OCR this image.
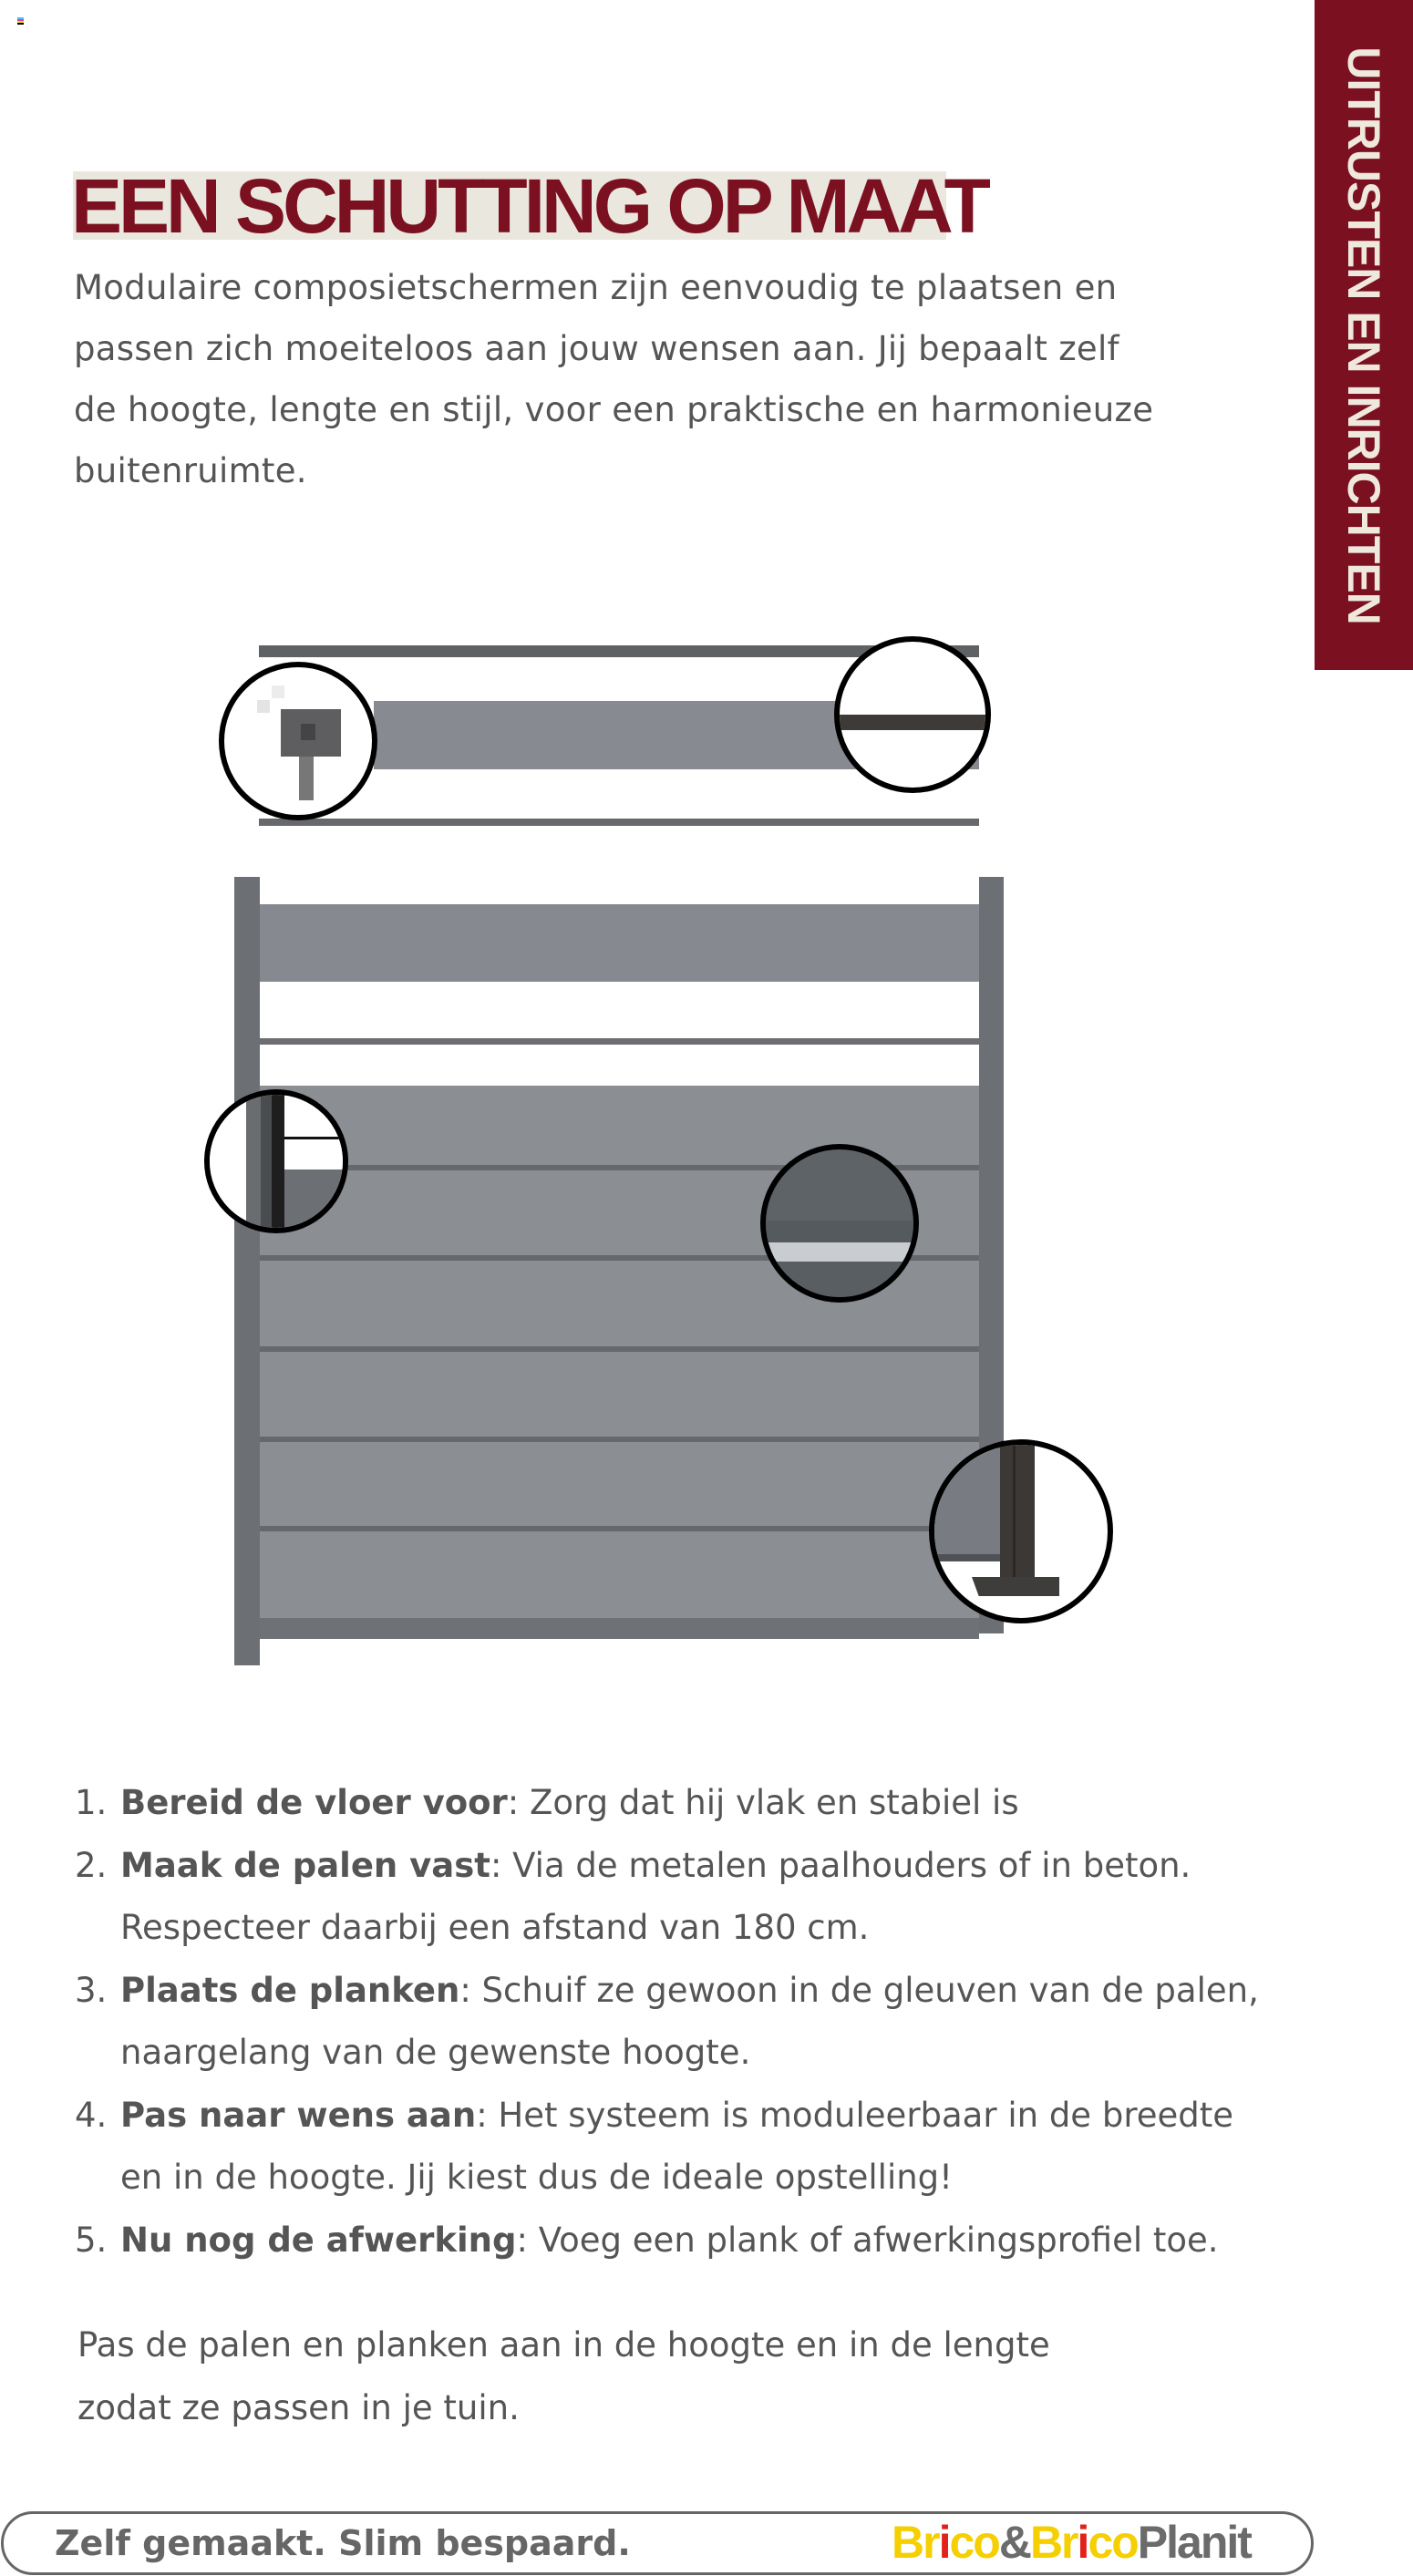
UITRUSTEN EN INRICHTEN
EEN SCHUTTING OP MAAT

Modulaire composietschermen zijn eenvoudig te plaatsen en

passen zich moeiteloos aan jouw wensen aan. Jij bepaalt zelf

de hoogte, lengte en stijl, voor een praktische en harmonieuze

buitenruimte.

1. Bereid de vloer voor: Zorg dat hij vlak en stabiel is
2. Maak de palen vast: Via de metalen paalhouders of in beton.
Respecteer daarbij een afstand van 180 cm.
3. Plaats de planken: Schuif ze gewoon in de gleuven van de palen,
naargelang van de gewenste hoogte.
4. Pas naar wens aan: Het systeem is moduleerbaar in de breedte
en in de hoogte. Jij kiest dus de ideale opstelling!
5. Nu nog de afwerking: Voeg een plank of afwerkingsprofiel toe.

Pas de palen en planken aan in de hoogte en in de lengte

zodat ze passen in je tuin.

Zelf gemaakt. Slim bespaard.	Brico&BricoPlanit
